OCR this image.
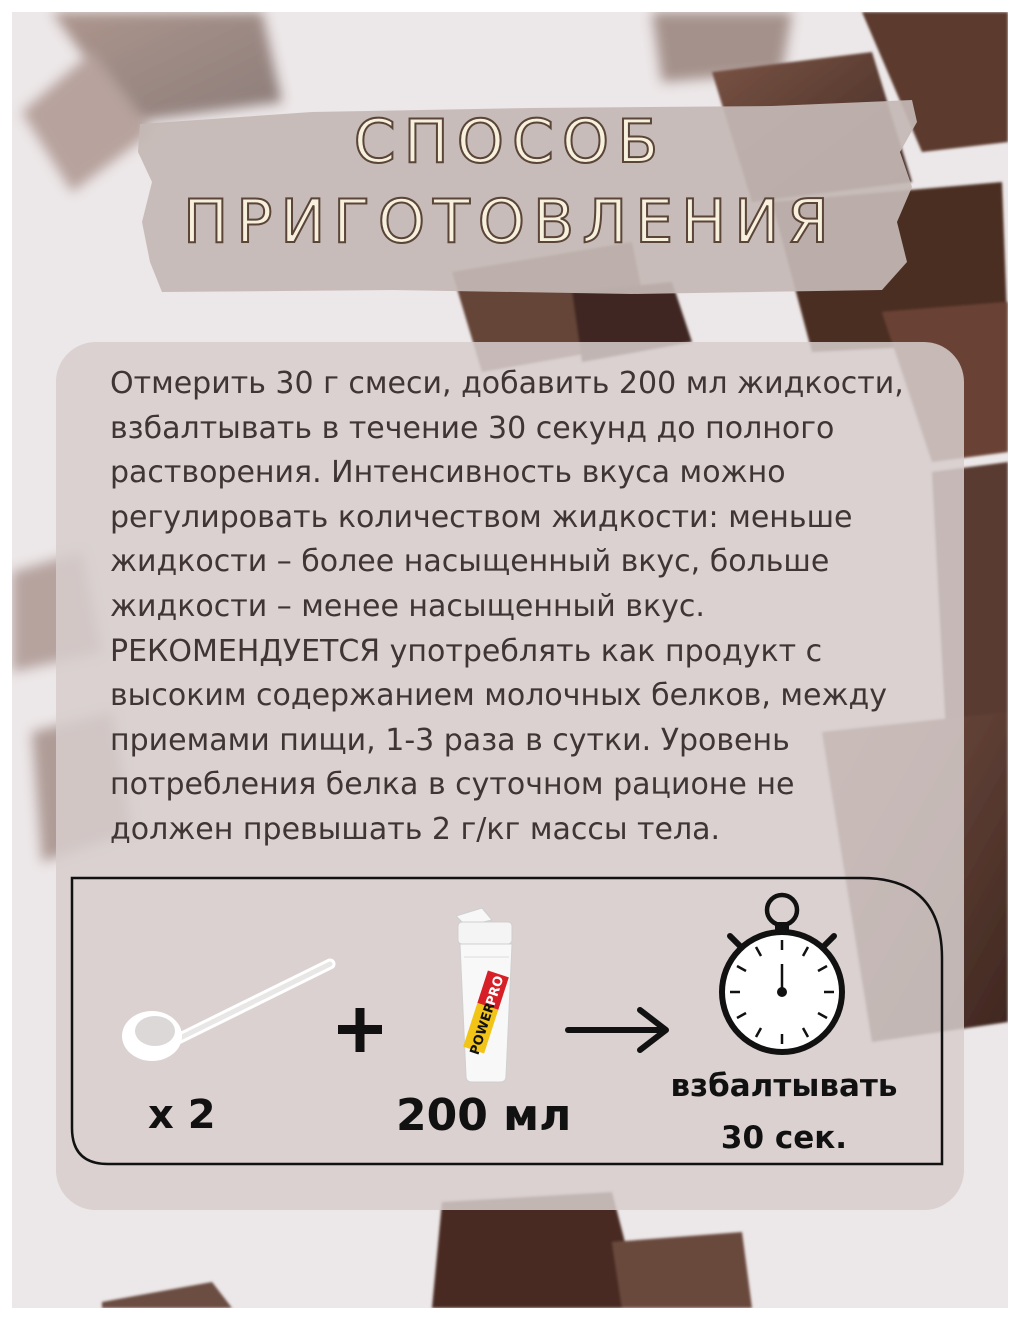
СПОСОБ
ПРИГОТОВЛЕНИЯ
Отмерить 30 г смеси, добавить 200 мл жидкости,
взбалтывать в течение 30 секунд до полного
растворения. Интенсивность вкуса можно
регулировать количеством жидкости: меньше
жидкости – более насыщенный вкус, больше
жидкости – менее насыщенный вкус.
РЕКОМЕНДУЕТСЯ употреблять как продукт с
высоким содержанием молочных белков, между
приемами пищи, 1-3 раза в сутки. Уровень
потребления белка в суточном рационе не
должен превышать 2 г/кг массы тела.
POWER
PRO
x 2	200 мл
взбалтывать
30 сек.
